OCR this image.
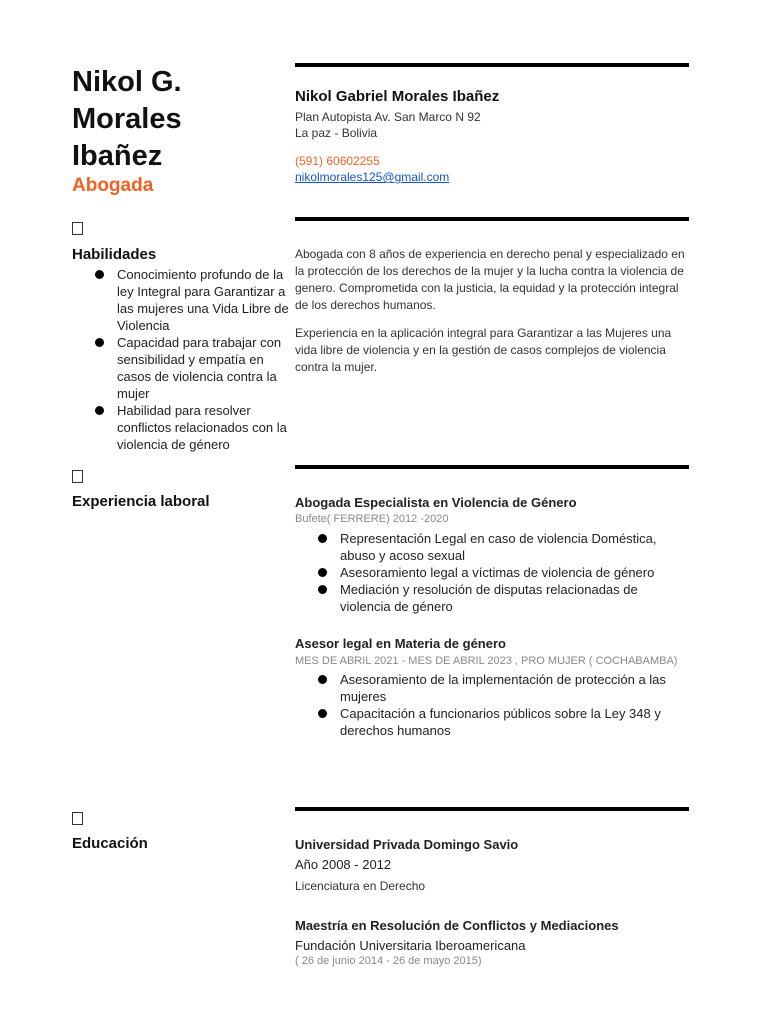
Nikol G.
Morales
Ibañez
Abogada
Nikol Gabriel Morales Ibañez
Plan Autopista Av. San Marco N 92
La paz - Bolivia
(591) 60602255
nikolmorales125@gmail.com
Habilidades
Conocimiento profundo de la ley Integral para Garantizar a las mujeres una Vida Libre de Violencia
Capacidad para trabajar con sensibilidad y empatía en casos de violencia contra la mujer
Habilidad para resolver conflictos relacionados con la violencia de género
Abogada con 8 años de experiencia en derecho penal y especializado en la protección de los derechos de la mujer y la lucha contra la violencia de genero. Comprometida con la justicia, la equidad y la protección integral de los derechos humanos.
Experiencia en la aplicación integral para Garantizar a las Mujeres una vida libre de violencia y en la gestión de casos complejos de violencia contra la mujer.
Experiencia laboral	Abogada Especialista en Violencia de Género
Bufete( FERRERE) 2012 -2020
Representación Legal en caso de violencia Doméstica, abuso y acoso sexual
Asesoramiento legal a víctimas de violencia de género
Mediación y resolución de disputas relacionadas de violencia de género
Asesor legal en Materia de género
MES DE ABRIL 2021 - MES DE ABRIL 2023 , PRO MUJER ( COCHABAMBA)
Asesoramiento de la implementación de protección a las mujeres
Capacitación a funcionarios públicos sobre la Ley 348 y derechos humanos
Educación	Universidad Privada Domingo Savio
Año 2008 - 2012
Licenciatura en Derecho
Maestría en Resolución de Conflictos y Mediaciones
Fundación Universitaria Iberoamericana
( 26 de junio 2014 - 26 de mayo 2015)
